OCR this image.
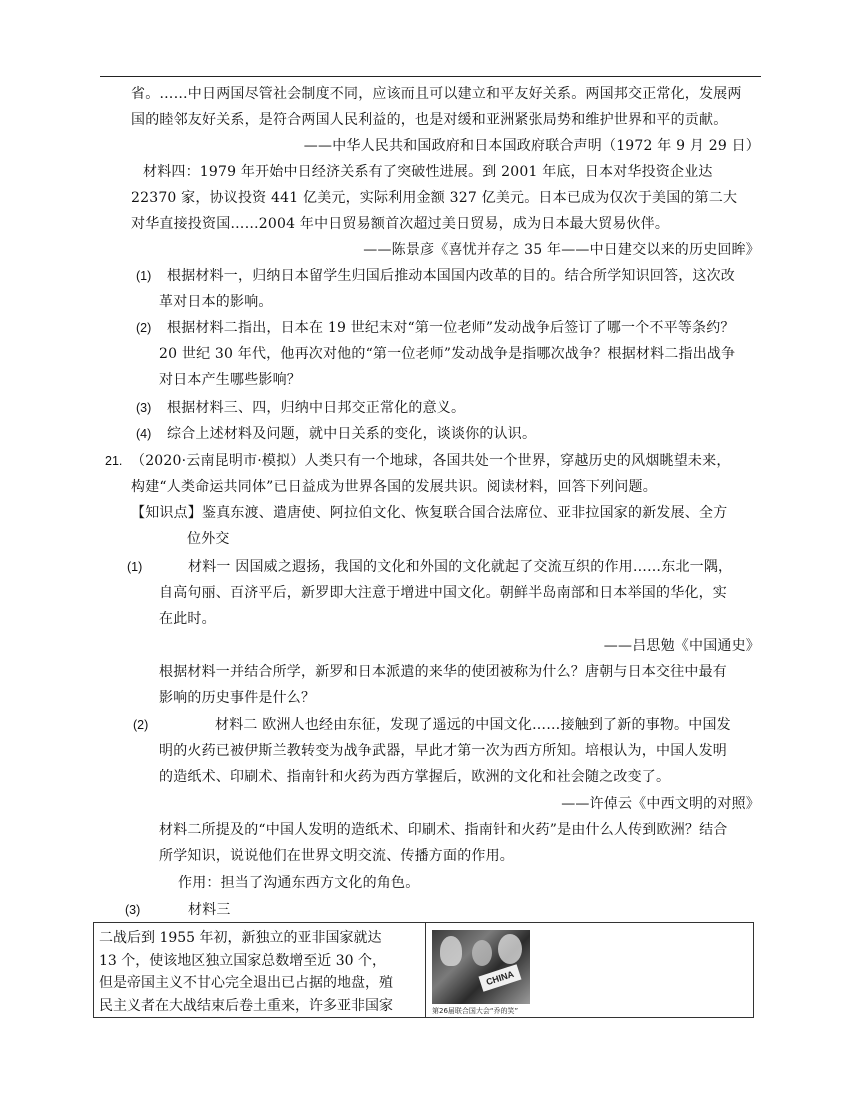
省。……中日两国尽管社会制度不同，应该而且可以建立和平友好关系。两国邦交正常化，发展两
国的睦邻友好关系，是符合两国人民利益的，也是对缓和亚洲紧张局势和维护世界和平的贡献。
——中华人民共和国政府和日本国政府联合声明（1972 年 9 月 29 日）
材料四：1979 年开始中日经济关系有了突破性进展。到 2001 年底，日本对华投资企业达
22370 家，协议投资 441 亿美元，实际利用金额 327 亿美元。日本已成为仅次于美国的第二大
对华直接投资国……2004 年中日贸易额首次超过美日贸易，成为日本最大贸易伙伴。
——陈景彦《喜忧并存之 35 年——中日建交以来的历史回眸》
(1) 根据材料一，归纳日本留学生归国后推动本国国内改革的目的。结合所学知识回答，这次改
革对日本的影响。
(2) 根据材料二指出，日本在 19 世纪末对“第一位老师”发动战争后签订了哪一个不平等条约？
20 世纪 30 年代，他再次对他的“第一位老师”发动战争是指哪次战争？根据材料二指出战争
对日本产生哪些影响？
(3) 根据材料三、四，归纳中日邦交正常化的意义。
(4) 综合上述材料及问题，就中日关系的变化，谈谈你的认识。
21. （2020·云南昆明市·模拟）人类只有一个地球，各国共处一个世界，穿越历史的风烟眺望未来，
构建“人类命运共同体”已日益成为世界各国的发展共识。阅读材料，回答下列问题。
【知识点】鉴真东渡、遣唐使、阿拉伯文化、恢复联合国合法席位、亚非拉国家的新发展、全方
位外交
(1)	材料一 因国威之遐扬，我国的文化和外国的文化就起了交流互织的作用……东北一隅，
自高句丽、百济平后，新罗即大注意于增进中国文化。朝鲜半岛南部和日本举国的华化，实
在此时。
——吕思勉《中国通史》
根据材料一并结合所学，新罗和日本派遣的来华的使团被称为什么？唐朝与日本交往中最有
影响的历史事件是什么？
(2)	材料二 欧洲人也经由东征，发现了遥远的中国文化……接触到了新的事物。中国发
明的火药已被伊斯兰教转变为战争武器，早此才第一次为西方所知。培根认为，中国人发明
的造纸术、印刷术、指南针和火药为西方掌握后，欧洲的文化和社会随之改变了。
——许倬云《中西文明的对照》
材料二所提及的“中国人发明的造纸术、印刷术、指南针和火药”是由什么人传到欧洲？结合
所学知识，说说他们在世界文明交流、传播方面的作用。
作用：担当了沟通东西方文化的角色。
(3)	材料三
二战后到 1955 年初，新独立的亚非国家就达
13 个，使该地区独立国家总数增至近 30 个，
但是帝国主义不甘心完全退出已占据的地盘，殖
民主义者在大战结束后卷土重来，许多亚非国家

CHINA
第26届联合国大会“乔的笑”
